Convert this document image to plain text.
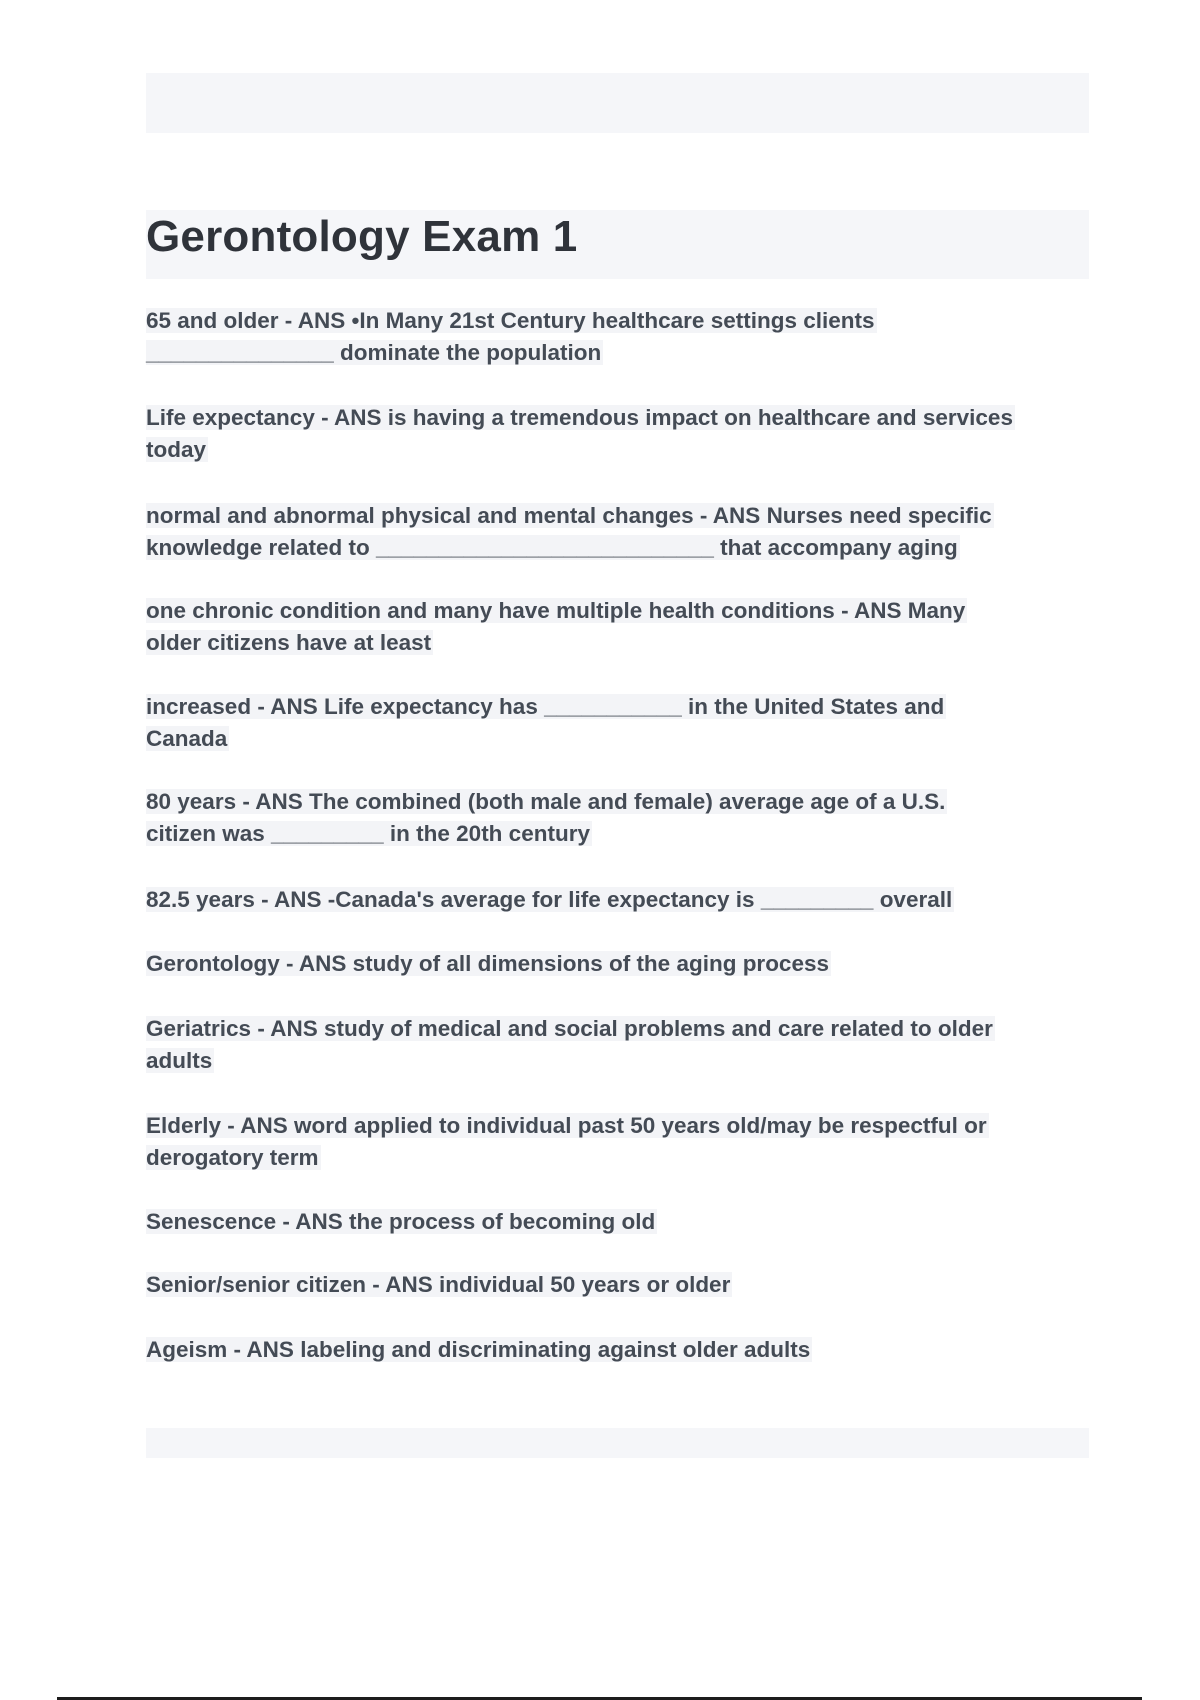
Gerontology Exam 1
65 and older - ANS •In Many 21st Century healthcare settings clients
_______________ dominate the population
Life expectancy - ANS is having a tremendous impact on healthcare and services
today
normal and abnormal physical and mental changes - ANS Nurses need specific
knowledge related to ___________________________ that accompany aging
one chronic condition and many have multiple health conditions - ANS Many
older citizens have at least
increased - ANS Life expectancy has ___________ in the United States and
Canada
80 years - ANS The combined (both male and female) average age of a U.S.
citizen was _________ in the 20th century
82.5 years - ANS -Canada's average for life expectancy is _________ overall
Gerontology - ANS study of all dimensions of the aging process
Geriatrics - ANS study of medical and social problems and care related to older
adults
Elderly - ANS word applied to individual past 50 years old/may be respectful or
derogatory term
Senescence - ANS the process of becoming old
Senior/senior citizen - ANS individual 50 years or older
Ageism - ANS labeling and discriminating against older adults
